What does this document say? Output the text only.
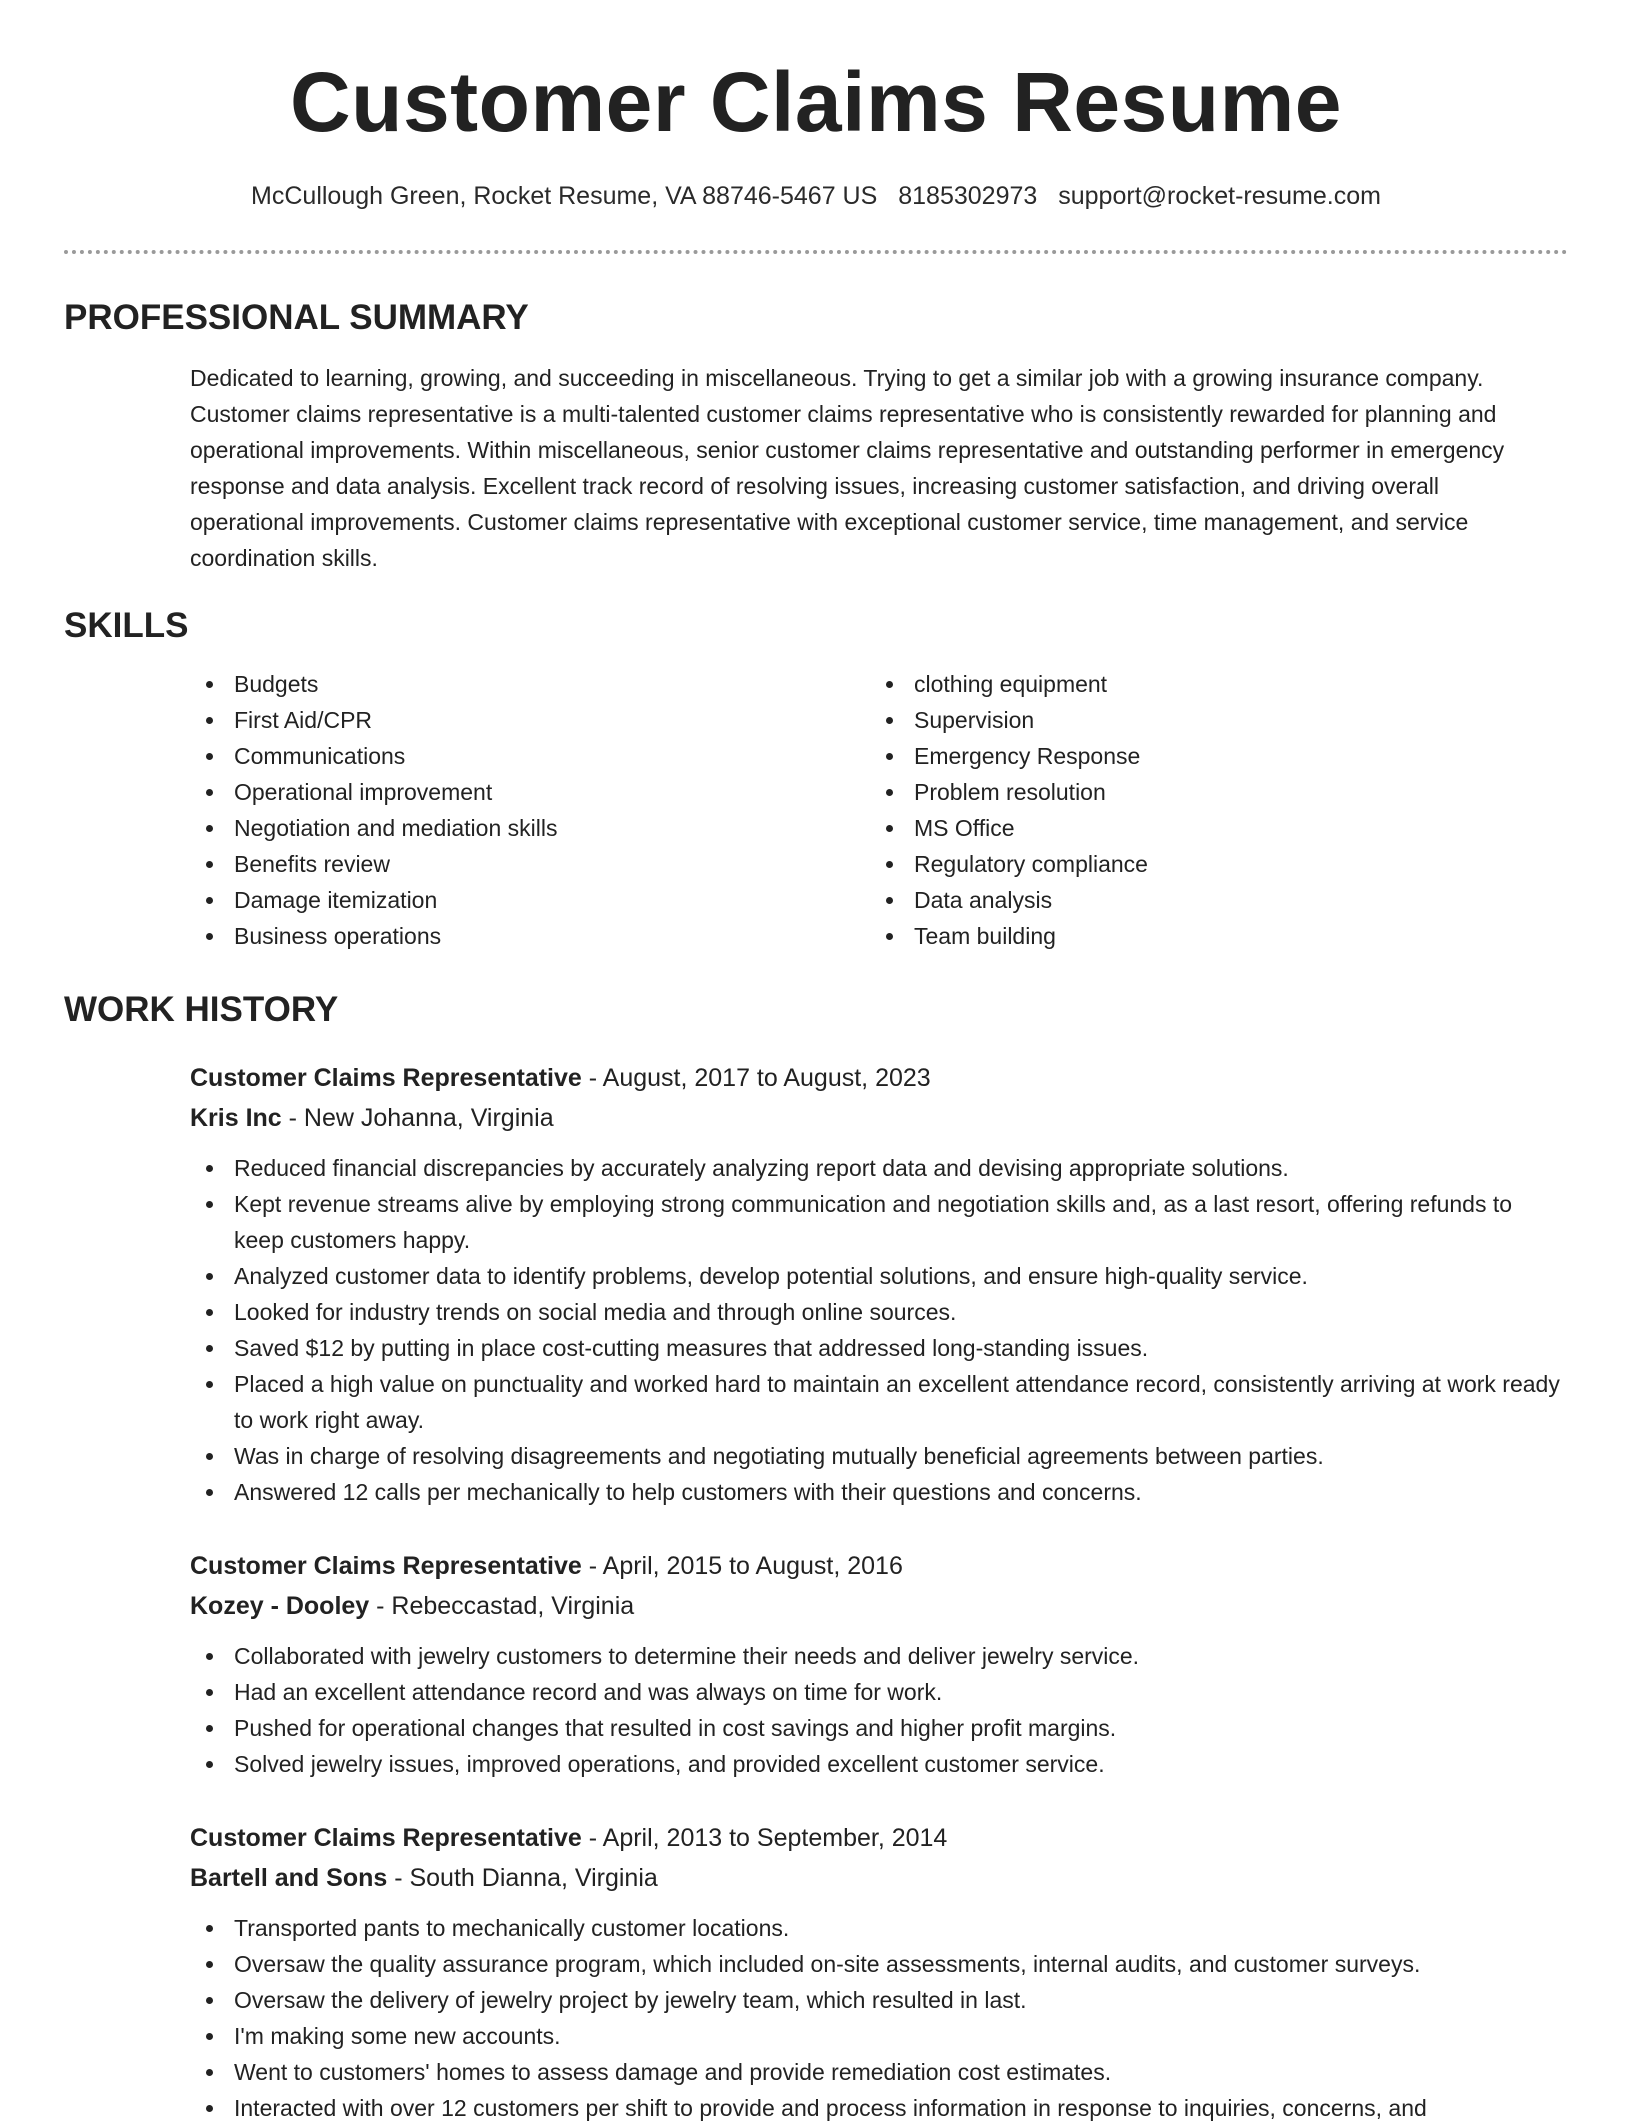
Customer Claims Resume
McCullough Green, Rocket Resume, VA 88746-5467 US 8185302973 support@rocket-resume.com
PROFESSIONAL SUMMARY

Dedicated to learning, growing, and succeeding in miscellaneous. Trying to get a similar job with a growing insurance company. Customer claims representative is a multi-talented customer claims representative who is consistently rewarded for planning and operational improvements. Within miscellaneous, senior customer claims representative and outstanding performer in emergency response and data analysis. Excellent track record of resolving issues, increasing customer satisfaction, and driving overall operational improvements. Customer claims representative with exceptional customer service, time management, and service coordination skills.

SKILLS
Budgets
First Aid/CPR
Communications
Operational improvement
Negotiation and mediation skills
Benefits review
Damage itemization
Business operations
clothing equipment
Supervision
Emergency Response
Problem resolution
MS Office
Regulatory compliance
Data analysis
Team building
WORK HISTORY

Customer Claims Representative - August, 2017 to August, 2023

Kris Inc - New Johanna, Virginia

Reduced financial discrepancies by accurately analyzing report data and devising appropriate solutions.
Kept revenue streams alive by employing strong communication and negotiation skills and, as a last resort, offering refunds to keep customers happy.
Analyzed customer data to identify problems, develop potential solutions, and ensure high-quality service.
Looked for industry trends on social media and through online sources.
Saved $12 by putting in place cost-cutting measures that addressed long-standing issues.
Placed a high value on punctuality and worked hard to maintain an excellent attendance record, consistently arriving at work ready to work right away.
Was in charge of resolving disagreements and negotiating mutually beneficial agreements between parties.
Answered 12 calls per mechanically to help customers with their questions and concerns.

Customer Claims Representative - April, 2015 to August, 2016

Kozey - Dooley - Rebeccastad, Virginia

Collaborated with jewelry customers to determine their needs and deliver jewelry service.
Had an excellent attendance record and was always on time for work.
Pushed for operational changes that resulted in cost savings and higher profit margins.
Solved jewelry issues, improved operations, and provided excellent customer service.

Customer Claims Representative - April, 2013 to September, 2014

Bartell and Sons - South Dianna, Virginia

Transported pants to mechanically customer locations.
Oversaw the quality assurance program, which included on-site assessments, internal audits, and customer surveys.
Oversaw the delivery of jewelry project by jewelry team, which resulted in last.
I'm making some new accounts.
Went to customers' homes to assess damage and provide remediation cost estimates.
Interacted with over 12 customers per shift to provide and process information in response to inquiries, concerns, and
